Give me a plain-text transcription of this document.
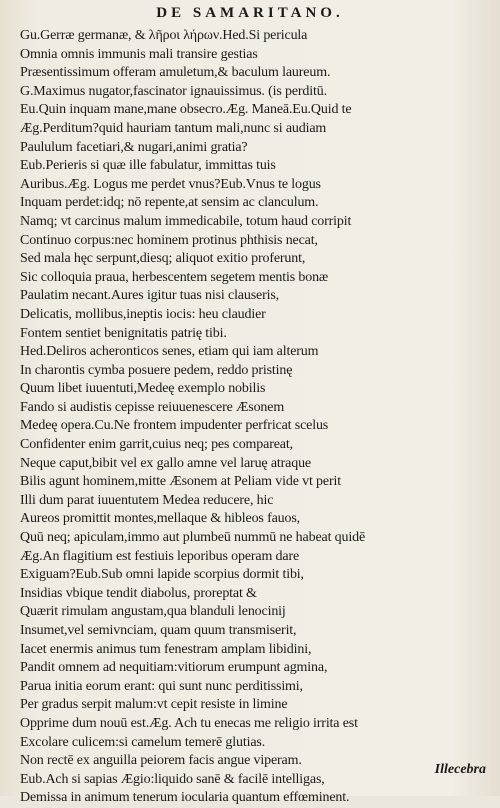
DE SAMARITANO.
Gu.Gerræ germanæ, & λῆροι λήρων.Hed.Si pericula
Omnia omnis immunis mali transire gestias
Præsentissimum offeram amuletum,& baculum laureum.
G.Maximus nugator,fascinator ignauissimus. (is perditū.
Eu.Quin inquam mane,mane obsecro.Æg. Maneā.Eu.Quid te
Æg.Perditum?quid hauriam tantum mali,nunc si audiam
Paululum facetiari,& nugari,animi gratia?
Eub.Perieris si quæ ille fabulatur, immittas tuis
Auribus.Æg. Logus me perdet vnus?Eub.Vnus te logus
Inquam perdet:idq; nō repente,at sensim ac clanculum.
Namq; vt carcinus malum immedicabile, totum haud corripit
Continuo corpus:nec hominem protinus phthisis necat,
Sed mala hęc serpunt,diesq; aliquot exitio proferunt,
Sic colloquia praua, herbescentem segetem mentis bonæ
Paulatim necant.Aures igitur tuas nisi clauseris,
Delicatis, mollibus,ineptis iocis: heu claudier
Fontem sentiet benignitatis patrię tibi.
Hed.Deliros acheronticos senes, etiam qui iam alterum
In charontis cymba posuere pedem, reddo pristinę
Quum libet iuuentuti,Medeę exemplo nobilis
Fando si audistis cepisse reiuuenescere Æsonem
Medeę opera.Cu.Ne frontem impudenter perfricat scelus
Confidenter enim garrit,cuius neq; pes compareat,
Neque caput,bibit vel ex gallo amne vel laruę atraque
Bilis agunt hominem,mitte Æsonem at Peliam vide vt perit
Illi dum parat iuuentutem Medea reducere, hic
Aureos promittit montes,mellaque & hibleos fauos,
Quū neq; apiculam,immo aut plumbeū nummū ne habeat quidē
Æg.An flagitium est festiuis leporibus operam dare
Exiguam?Eub.Sub omni lapide scorpius dormit tibi,
Insidias vbique tendit diabolus, proreptat &
Quærit rimulam angustam,qua blanduli lenocinij
Insumet,vel semivnciam, quam quum transmiserit,
Iacet enermis animus tum fenestram amplam libidini,
Pandit omnem ad nequitiam:vitiorum erumpunt agmina,
Parua initia eorum erant: qui sunt nunc perditissimi,
Per gradus serpit malum:vt cepit resiste in limine
Opprime dum nouū est.Æg. Ach tu enecas me religio irrita est
Excolare culicem:si camelum temerē glutias.
Non rectē ex anguilla peiorem facis angue viperam.
Eub.Ach si sapias Ægio:liquido sanē & facilē intelligas,
Demissa in animum tenerum iocularia quantum effœminent.
Illecebra
